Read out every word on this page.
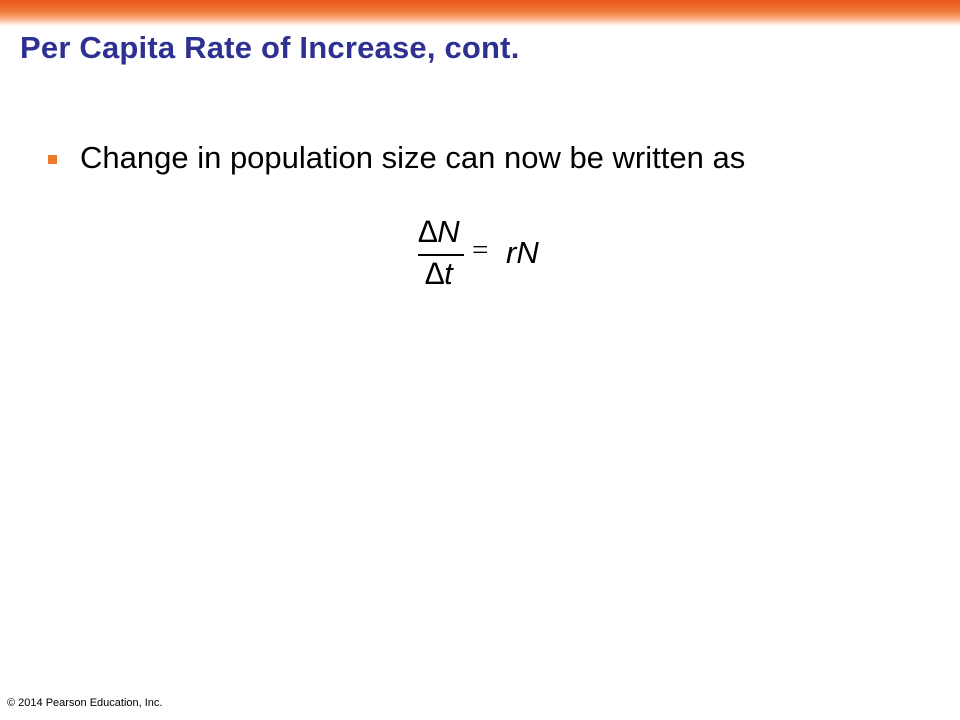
Per Capita Rate of Increase, cont.
Change in population size can now be written as
∆N
∆t
= rN
© 2014 Pearson Education, Inc.
